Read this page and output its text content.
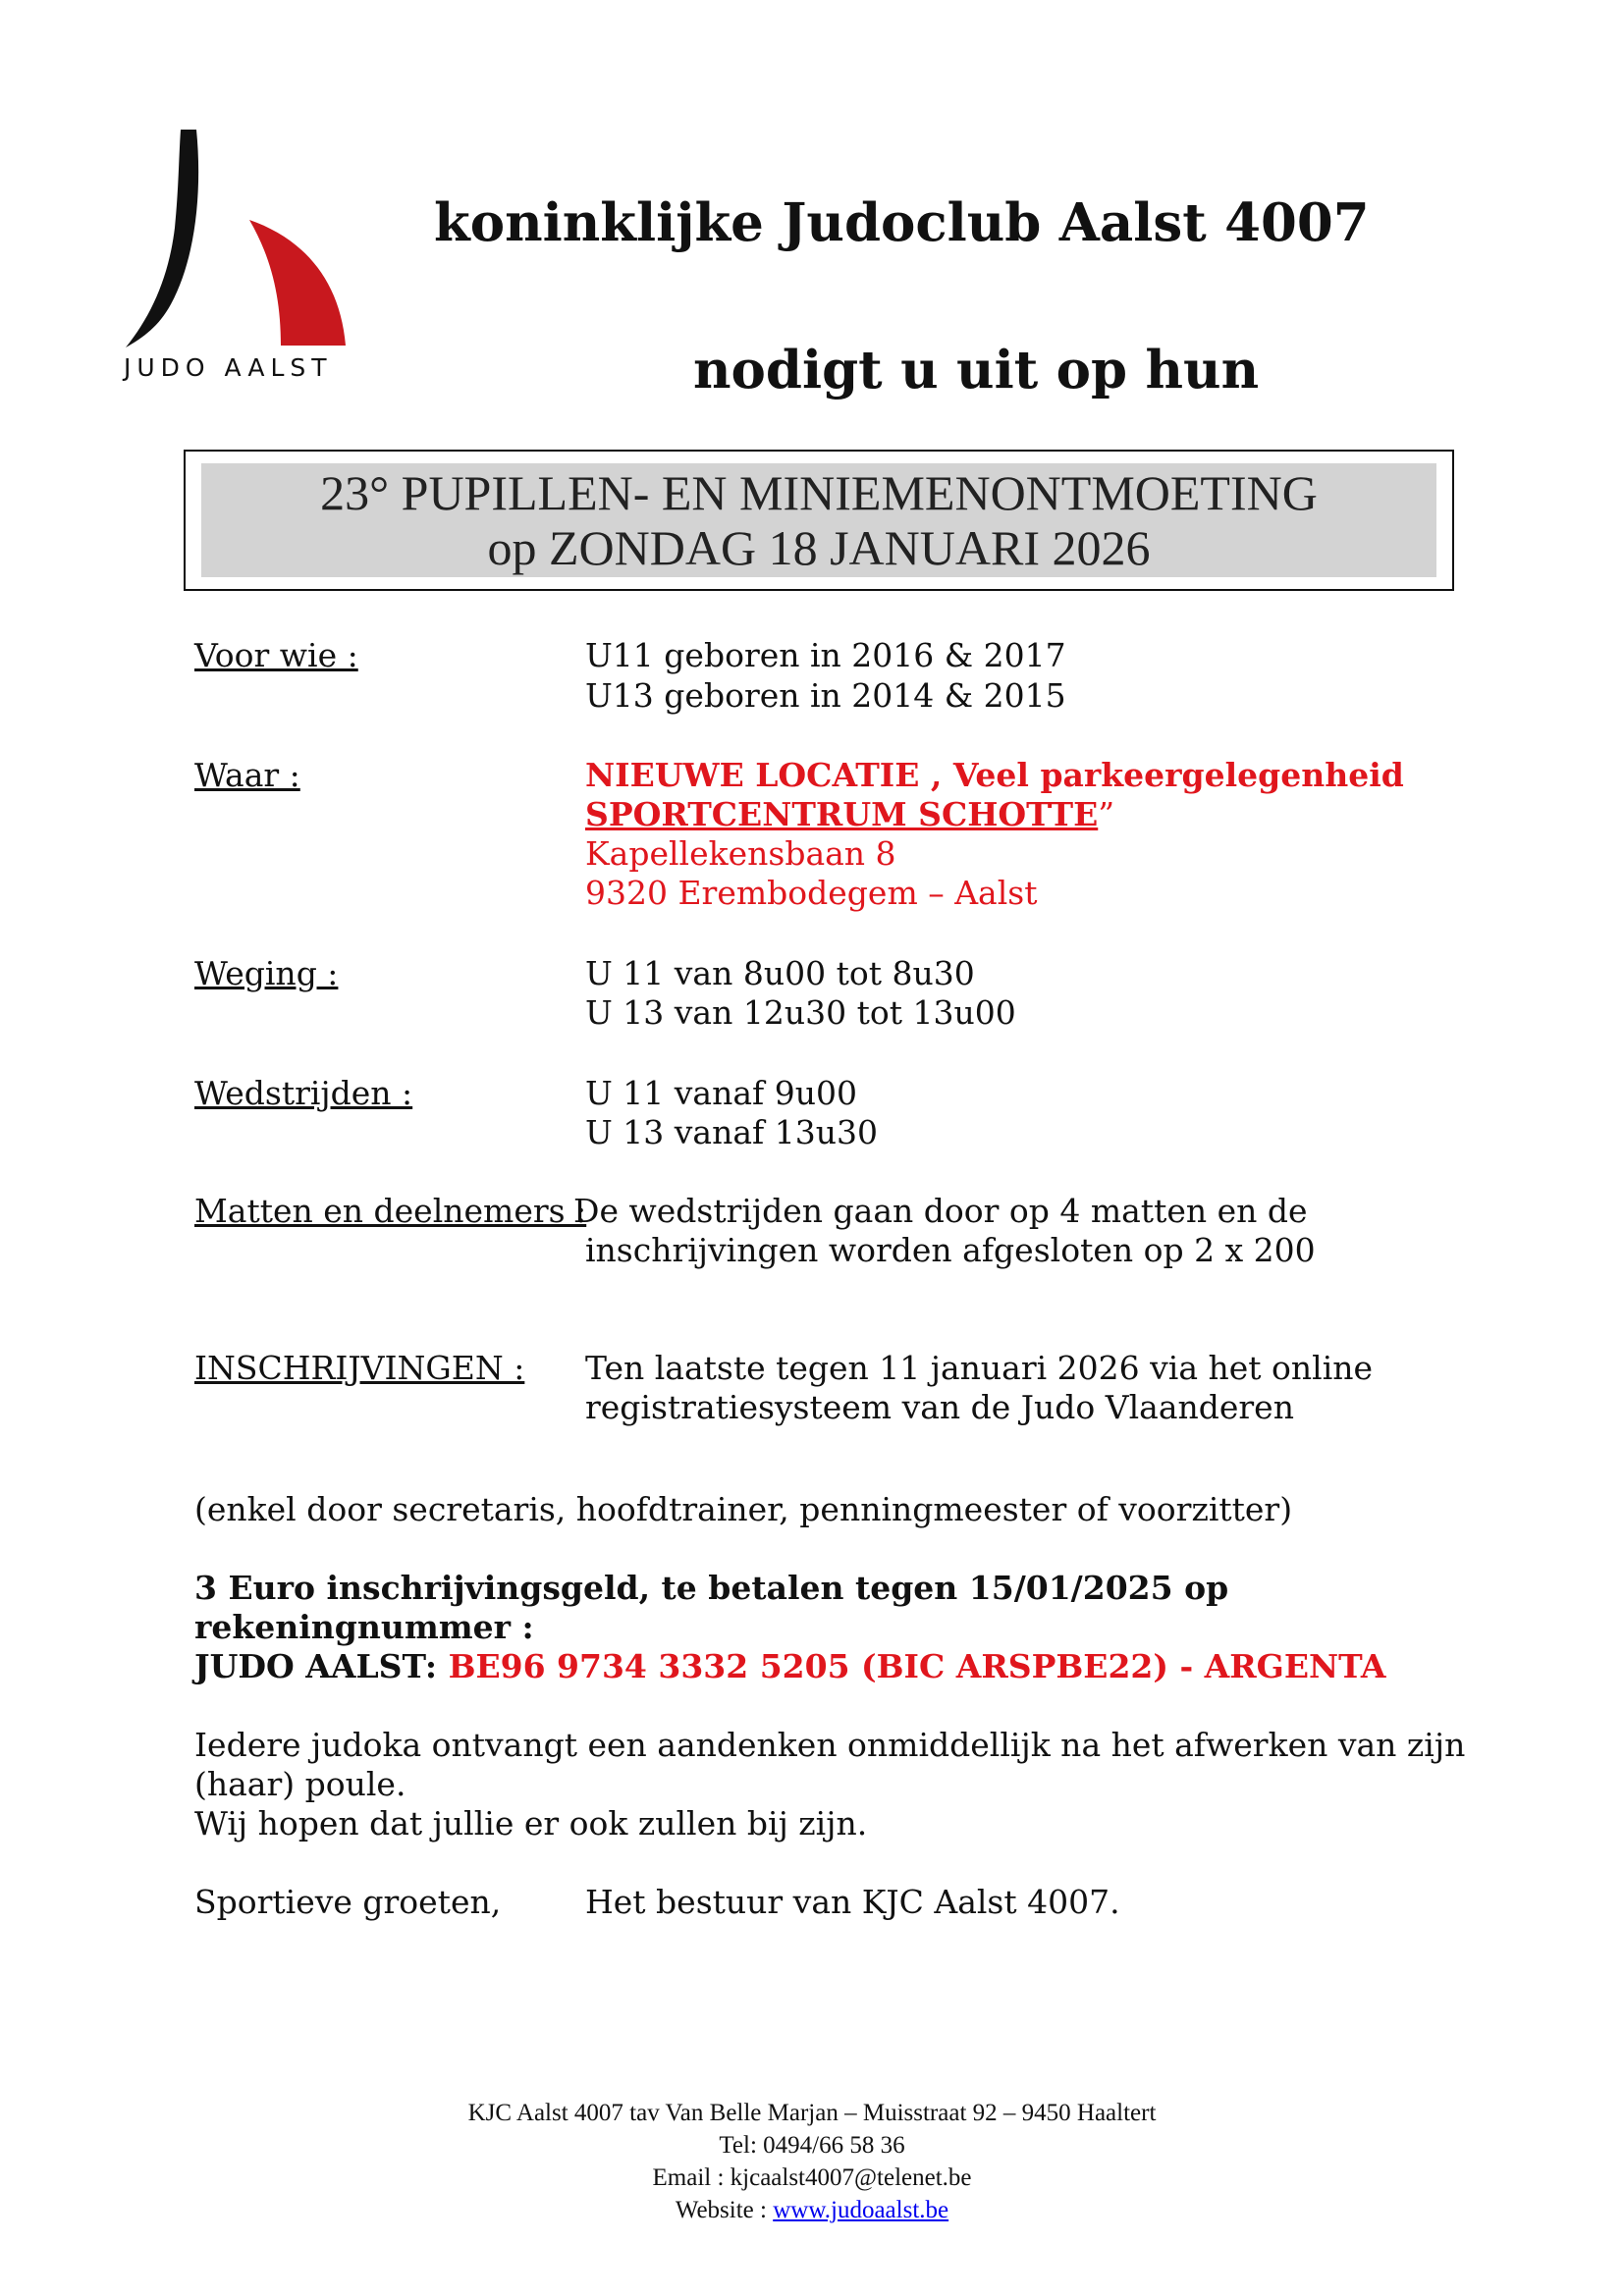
JUDO AALST
koninklijke Judoclub Aalst 4007
nodigt u uit op hun
23° PUPILLEN- EN MINIEMENONTMOETING
op ZONDAG 18 JANUARI 2026
Voor wie :	U11 geboren in 2016 & 2017
U13 geboren in 2014 & 2015
Waar :	NIEUWE LOCATIE , Veel parkeergelegenheid
SPORTCENTRUM SCHOTTE”
Kapellekensbaan 8
9320 Erembodegem – Aalst
Weging :	U 11 van 8u00 tot 8u30
U 13 van 12u30 tot 13u00
Wedstrijden :	U 11 vanaf 9u00
U 13 vanaf 13u30
Matten en deelnemers :
De wedstrijden gaan door op 4 matten en de
inschrijvingen worden afgesloten op 2 x 200
INSCHRIJVINGEN : Ten laatste tegen 11 januari 2026 via het online
registratiesysteem van de Judo Vlaanderen
(enkel door secretaris, hoofdtrainer, penningmeester of voorzitter)
3 Euro inschrijvingsgeld, te betalen tegen 15/01/2025 op
rekeningnummer :
JUDO AALST: BE96 9734 3332 5205 (BIC ARSPBE22) - ARGENTA
Iedere judoka ontvangt een aandenken onmiddellijk na het afwerken van zijn
(haar) poule.
Wij hopen dat jullie er ook zullen bij zijn.
Sportieve groeten,	Het bestuur van KJC Aalst 4007.
KJC Aalst 4007 tav Van Belle Marjan – Muisstraat 92 – 9450 Haaltert
Tel: 0494/66 58 36
Email : kjcaalst4007@telenet.be
Website : www.judoaalst.be
